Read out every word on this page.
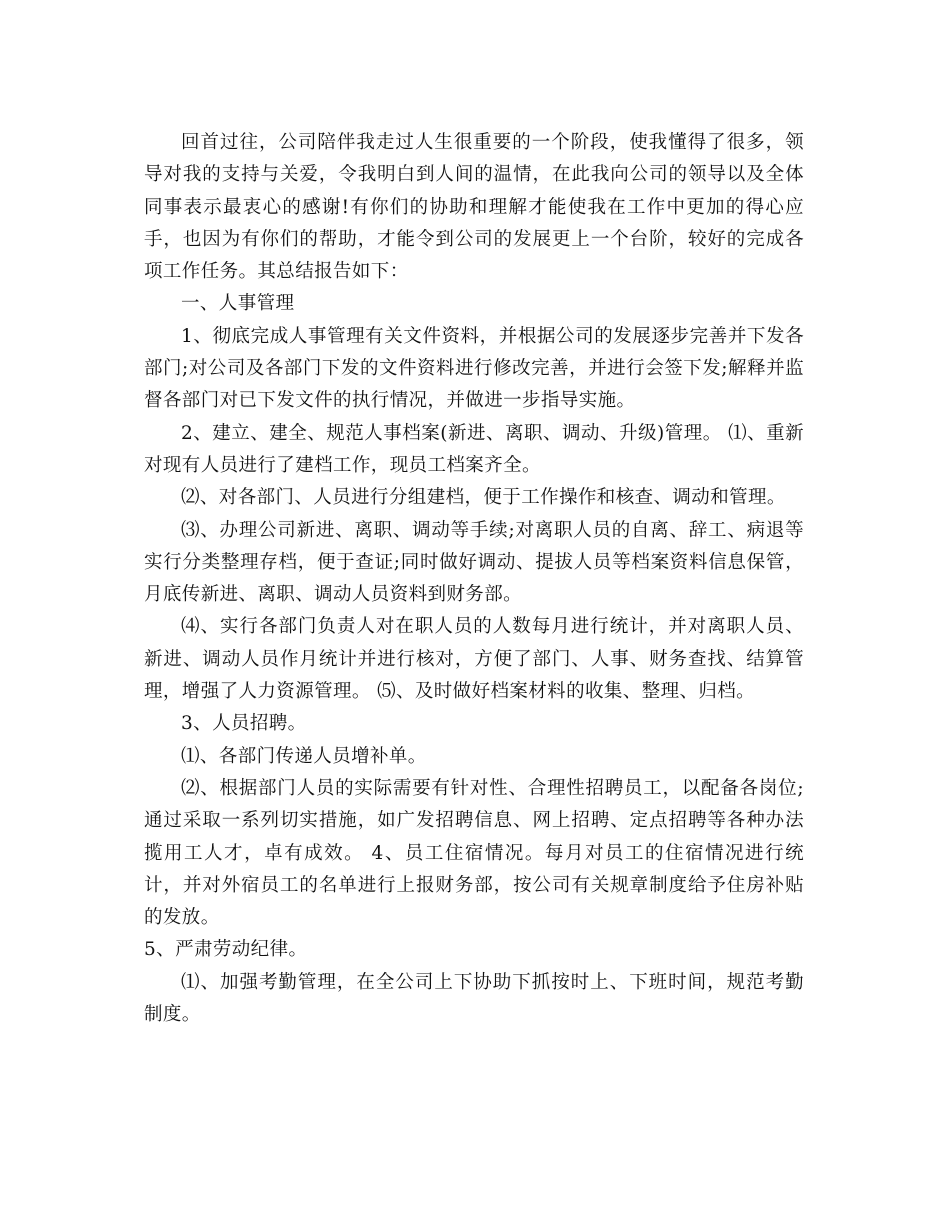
回首过往，公司陪伴我走过人生很重要的一个阶段，使我懂得了很多，领导对我的支持与关爱，令我明白到人间的温情，在此我向公司的领导以及全体同事表示最衷心的感谢!有你们的协助和理解才能使我在工作中更加的得心应手，也因为有你们的帮助，才能令到公司的发展更上一个台阶，较好的完成各项工作任务。其总结报告如下：

一、人事管理

1、彻底完成人事管理有关文件资料，并根据公司的发展逐步完善并下发各部门;对公司及各部门下发的文件资料进行修改完善，并进行会签下发;解释并监督各部门对已下发文件的执行情况，并做进一步指导实施。

2、建立、建全、规范人事档案(新进、离职、调动、升级)管理。 ⑴、重新对现有人员进行了建档工作，现员工档案齐全。

⑵、对各部门、人员进行分组建档，便于工作操作和核查、调动和管理。

⑶、办理公司新进、离职、调动等手续;对离职人员的自离、辞工、病退等实行分类整理存档，便于查证;同时做好调动、提拔人员等档案资料信息保管，月底传新进、离职、调动人员资料到财务部。

⑷、实行各部门负责人对在职人员的人数每月进行统计，并对离职人员、新进、调动人员作月统计并进行核对，方便了部门、人事、财务查找、结算管理，增强了人力资源管理。 ⑸、及时做好档案材料的收集、整理、归档。

3、人员招聘。

⑴、各部门传递人员增补单。

⑵、根据部门人员的实际需要有针对性、合理性招聘员工，以配备各岗位;通过采取一系列切实措施，如广发招聘信息、网上招聘、定点招聘等各种办法揽用工人才，卓有成效。 4、员工住宿情况。每月对员工的住宿情况进行统计，并对外宿员工的名单进行上报财务部，按公司有关规章制度给予住房补贴的发放。

5、严肃劳动纪律。

⑴、加强考勤管理，在全公司上下协助下抓按时上、下班时间，规范考勤制度。
